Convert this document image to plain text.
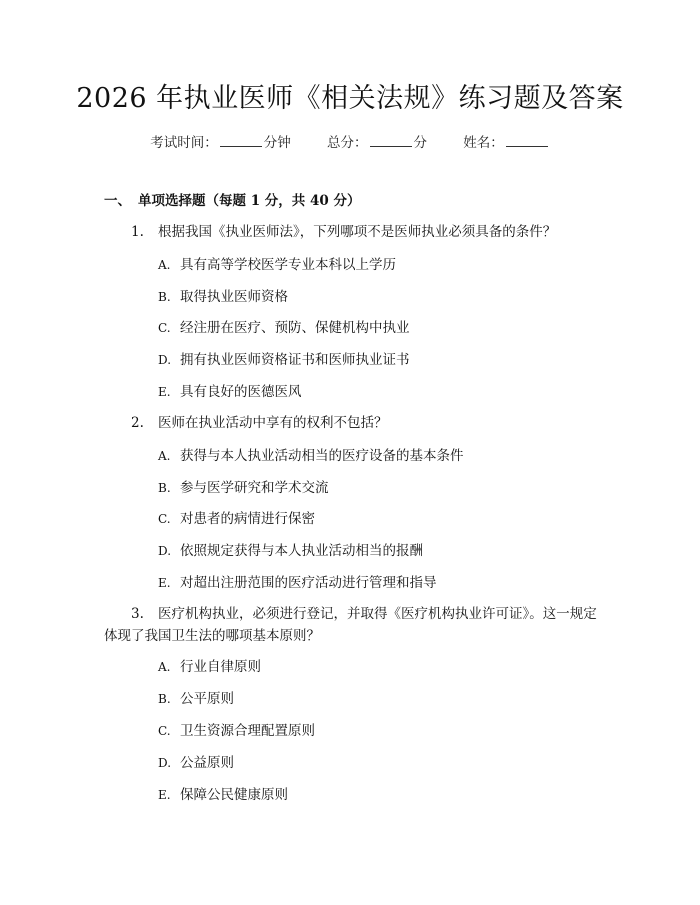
2026 年执业医师《相关法规》练习题及答案
考试时间：	分钟	总分：	分	姓名：
一、 单项选择题（每题 1 分，共 40 分）
1. 根据我国《执业医师法》，下列哪项不是医师执业必须具备的条件？
A. 具有高等学校医学专业本科以上学历
B. 取得执业医师资格
C. 经注册在医疗、预防、保健机构中执业
D. 拥有执业医师资格证书和医师执业证书
E. 具有良好的医德医风
2. 医师在执业活动中享有的权利不包括？
A. 获得与本人执业活动相当的医疗设备的基本条件
B. 参与医学研究和学术交流
C. 对患者的病情进行保密
D. 依照规定获得与本人执业活动相当的报酬
E. 对超出注册范围的医疗活动进行管理和指导
3. 医疗机构执业，必须进行登记，并取得《医疗机构执业许可证》。这一规定体现了我国卫生法的哪项基本原则？
A. 行业自律原则
B. 公平原则
C. 卫生资源合理配置原则
D. 公益原则
E. 保障公民健康原则
